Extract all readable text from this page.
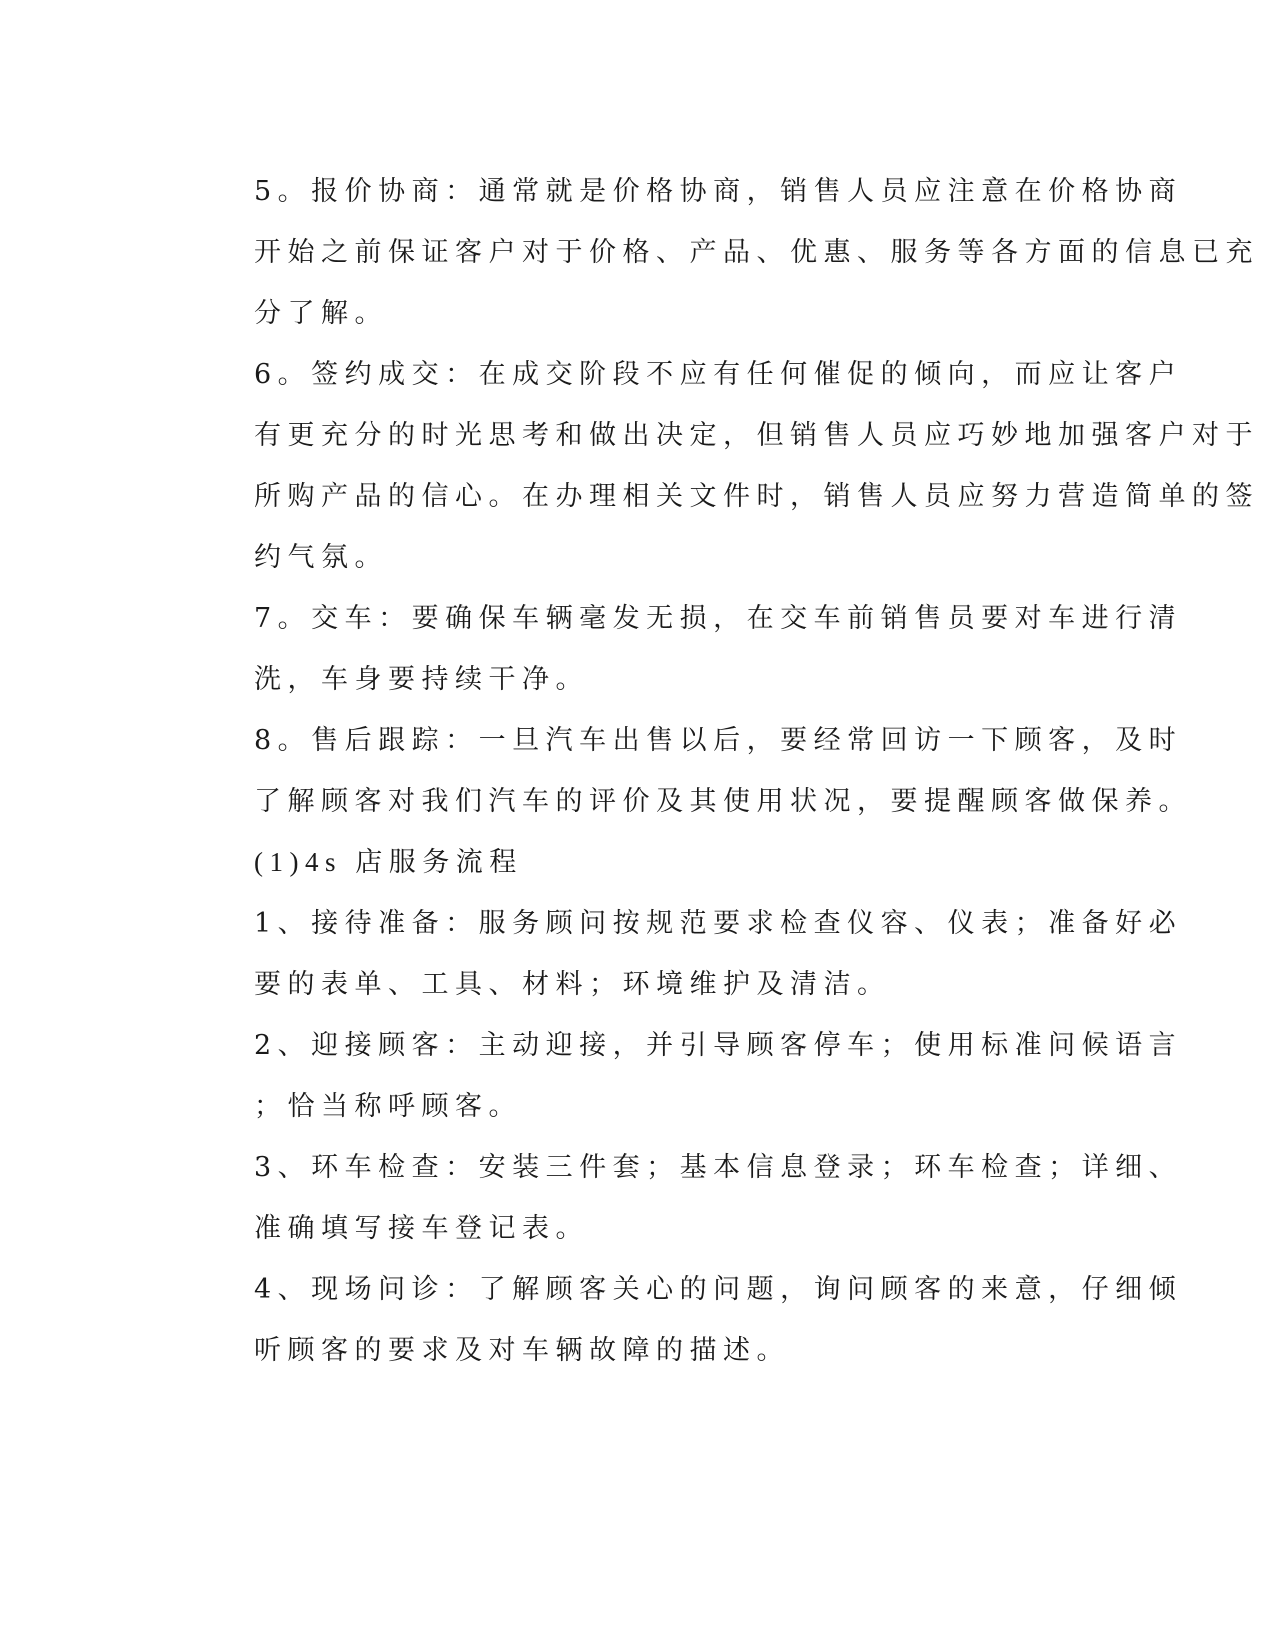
5。报价协商：通常就是价格协商，销售人员应注意在价格协商
开始之前保证客户对于价格、产品、优惠、服务等各方面的信息已充
分了解。
6。签约成交：在成交阶段不应有任何催促的倾向，而应让客户
有更充分的时光思考和做出决定，但销售人员应巧妙地加强客户对于
所购产品的信心。在办理相关文件时，销售人员应努力营造简单的签
约气氛。
7。交车：要确保车辆毫发无损，在交车前销售员要对车进行清
洗，车身要持续干净。
8。售后跟踪：一旦汽车出售以后，要经常回访一下顾客，及时
了解顾客对我们汽车的评价及其使用状况，要提醒顾客做保养。
(1)4s 店服务流程
1、接待准备：服务顾问按规范要求检查仪容、仪表；准备好必
要的表单、工具、材料；环境维护及清洁。
2、迎接顾客：主动迎接，并引导顾客停车；使用标准问候语言
；恰当称呼顾客。
3、环车检查：安装三件套；基本信息登录；环车检查；详细、
准确填写接车登记表。
4、现场问诊：了解顾客关心的问题，询问顾客的来意，仔细倾
听顾客的要求及对车辆故障的描述。
